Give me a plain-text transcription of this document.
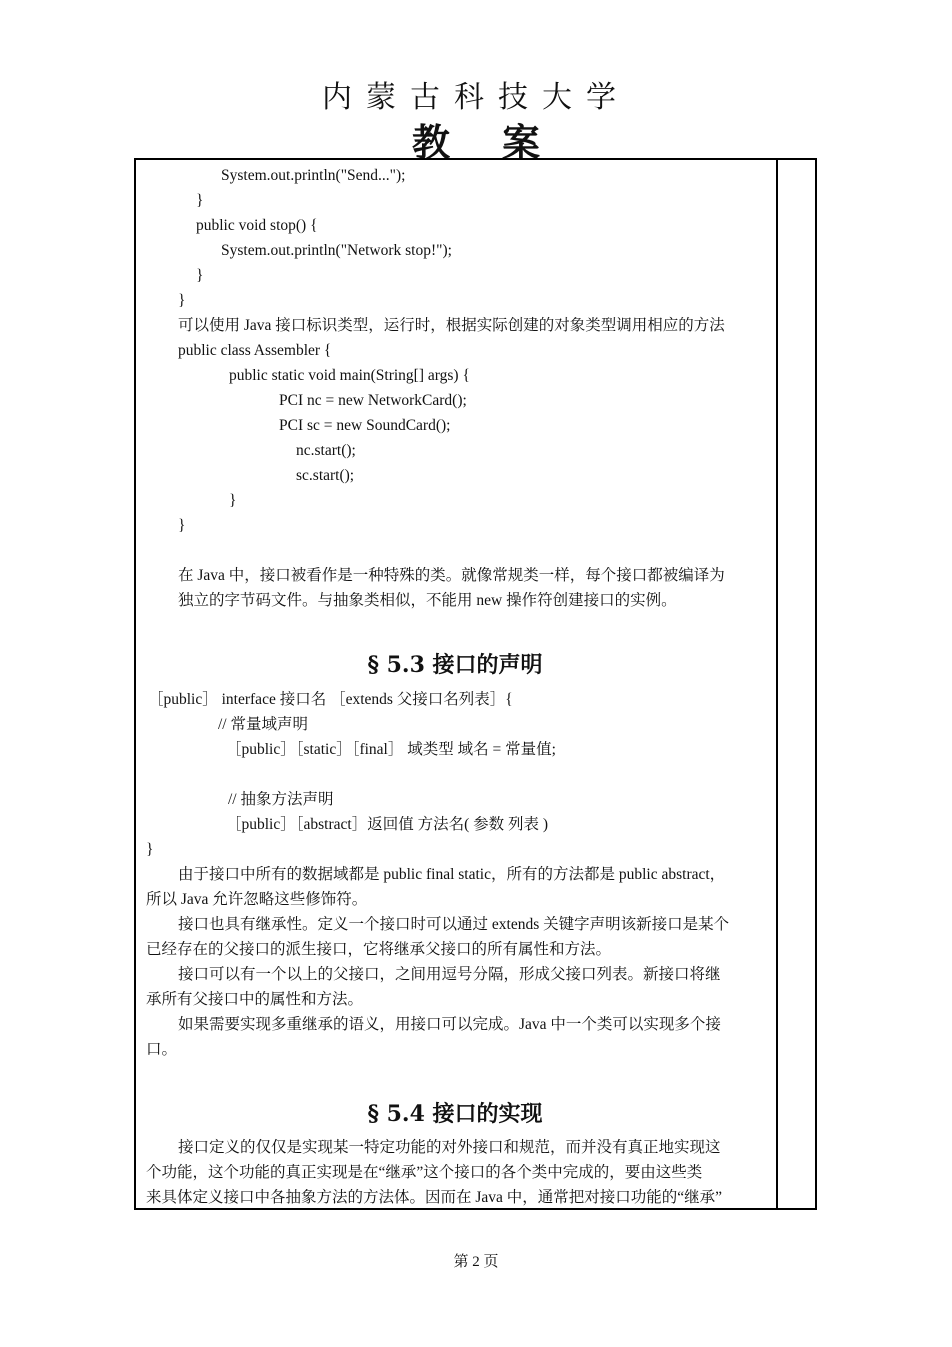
内蒙古科技大学
教案
System.out.println("Send...");
}
public void stop() {
System.out.println("Network stop!");
}
}
可以使用 Java 接口标识类型，运行时，根据实际创建的对象类型调用相应的方法
public class Assembler {
public static void main(String[] args) {
PCI nc = new NetworkCard();
PCI sc = new SoundCard();
nc.start();
sc.start();
}
}
在 Java 中，接口被看作是一种特殊的类。就像常规类一样，每个接口都被编译为
独立的字节码文件。与抽象类相似，不能用 new 操作符创建接口的实例。
§ 5.3 接口的声明
［public］ interface 接口名 ［extends 父接口名列表］{
// 常量域声明
［public］［static］［final］ 域类型 域名 = 常量值;
// 抽象方法声明
［public］［abstract］返回值 方法名( 参数 列表 )
}
由于接口中所有的数据域都是 public final static，所有的方法都是 public abstract，
所以 Java 允许忽略这些修饰符。
接口也具有继承性。定义一个接口时可以通过 extends 关键字声明该新接口是某个
已经存在的父接口的派生接口，它将继承父接口的所有属性和方法。
接口可以有一个以上的父接口，之间用逗号分隔，形成父接口列表。新接口将继
承所有父接口中的属性和方法。
如果需要实现多重继承的语义，用接口可以完成。Java 中一个类可以实现多个接
口。
§ 5.4 接口的实现
接口定义的仅仅是实现某一特定功能的对外接口和规范，而并没有真正地实现这
个功能，这个功能的真正实现是在“继承”这个接口的各个类中完成的，要由这些类
来具体定义接口中各抽象方法的方法体。因而在 Java 中，通常把对接口功能的“继承”
第 2 页
